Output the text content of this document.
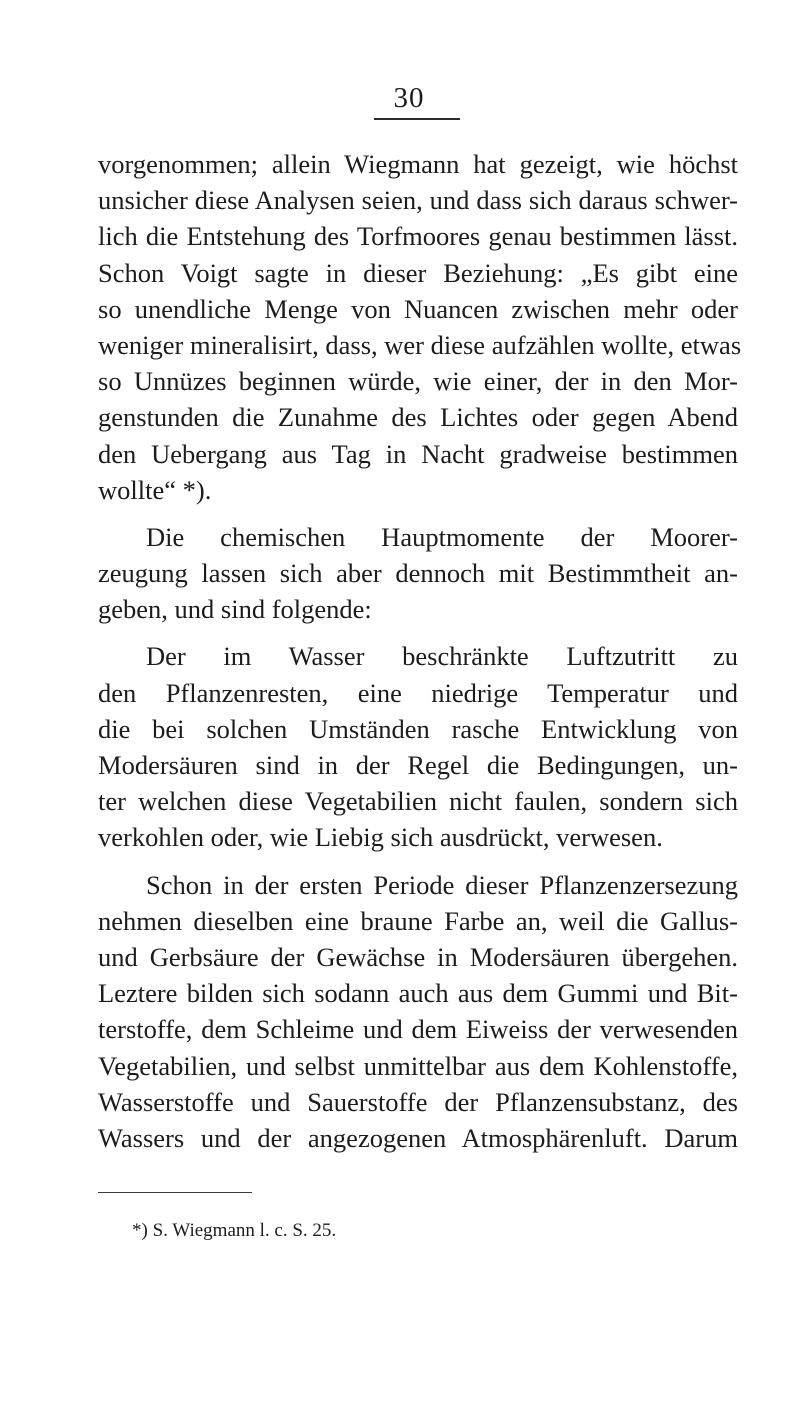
30
vorgenommen; allein Wiegmann hat gezeigt, wie höchst
unsicher diese Analysen seien, und dass sich daraus schwer-
lich die Entstehung des Torfmoores genau bestimmen lässt.
Schon Voigt sagte in dieser Beziehung: „Es gibt eine
so unendliche Menge von Nuancen zwischen mehr oder
weniger mineralisirt, dass, wer diese aufzählen wollte, etwas
so Unnüzes beginnen würde, wie einer, der in den Mor-
genstunden die Zunahme des Lichtes oder gegen Abend
den Uebergang aus Tag in Nacht gradweise bestimmen
wollte“ *).
Die chemischen Hauptmomente der Moorer-
zeugung lassen sich aber dennoch mit Bestimmtheit an-
geben, und sind folgende:
Der im Wasser beschränkte Luftzutritt zu
den Pflanzenresten, eine niedrige Temperatur und
die bei solchen Umständen rasche Entwicklung von
Modersäuren sind in der Regel die Bedingungen, un-
ter welchen diese Vegetabilien nicht faulen, sondern sich
verkohlen oder, wie Liebig sich ausdrückt, verwesen.
Schon in der ersten Periode dieser Pflanzenzersezung
nehmen dieselben eine braune Farbe an, weil die Gallus-
und Gerbsäure der Gewächse in Modersäuren übergehen.
Leztere bilden sich sodann auch aus dem Gummi und Bit-
terstoffe, dem Schleime und dem Eiweiss der verwesenden
Vegetabilien, und selbst unmittelbar aus dem Kohlenstoffe,
Wasserstoffe und Sauerstoffe der Pflanzensubstanz, des
Wassers und der angezogenen Atmosphärenluft. Darum
*) S. Wiegmann l. c. S. 25.
